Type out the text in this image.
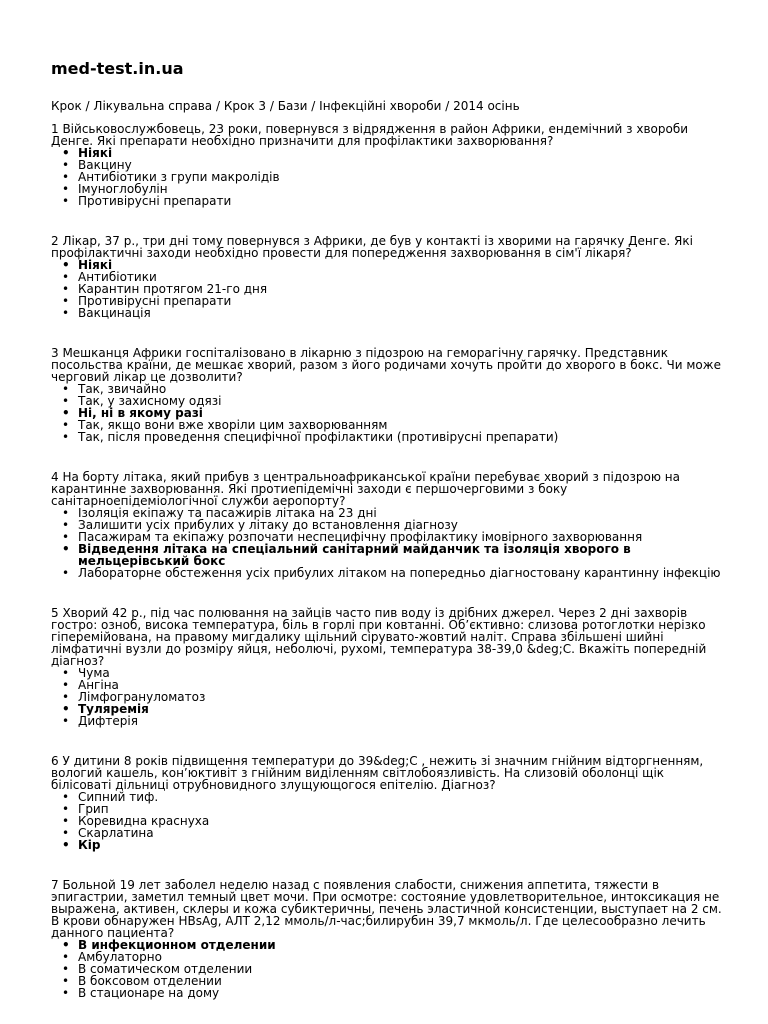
med-test.in.ua
Крок / Лікувальна справа / Крок 3 / Бази / Інфекційні хвороби / 2014 осінь
1 Військовослужбовець, 23 роки, повернувся з відрядження в район Африки, ендемічний з хвороби Денге. Які препарати необхідно призначити для профілактики захворювання?
• Ніякі
• Вакцину
• Антибіотики з групи макролідів
• Імуноглобулін
• Противірусні препарати
2 Лікар, 37 р., три дні тому повернувся з Африки, де був у контакті із хворими на гарячку Денге. Які профілактичні заходи необхідно провести для попередження захворювання в сім'ї лікаря?
• Ніякі
• Антибіотики
• Карантин протягом 21-го дня
• Противірусні препарати
• Вакцинація
3 Мешканця Африки госпіталізовано в лікарню з підозрою на геморагічну гарячку. Представник посольства країни, де мешкає хворий, разом з його родичами хочуть пройти до хворого в бокс. Чи може черговий лікар це дозволити?
• Так, звичайно
• Так, у захисному одязі
• Ні, ні в якому разі
• Так, якщо вони вже хворіли цим захворюванням
• Так, після проведення специфічної профілактики (противірусні препарати)
4 На борту літака, який прибув з центральноафриканської країни перебуває хворий з підозрою на карантинне захворювання. Які протиепідемічні заходи є першочерговими з боку санітарноепідеміологічної служби аеропорту?
• Ізоляція екіпажу та пасажирів літака на 23 дні
• Залишити усіх прибулих у літаку до встановлення діагнозу
• Пасажирам та екіпажу розпочати неспецифічну профілактику імовірного захворювання
• Відведення літака на спеціальний санітарний майданчик та ізоляція хворого в мельцерівський бокс
• Лабораторне обстеження усіх прибулих літаком на попередньо діагностовану карантинну інфекцію
5 Хворий 42 р., під час полювання на зайців часто пив воду із дрібних джерел. Через 2 дні захворів гостро: озноб, висока температура, біль в горлі при ковтанні. Об’єктивно: слизова ротоглотки нерізко гіперемійована, на правому мигдалику щільний сірувато-жовтий наліт. Справа збільшені шийні лімфатичні вузли до розміру яйця, неболючі, рухомі, температура 38-39,0 &deg;C. Вкажіть попередній діагноз?
• Чума
• Ангіна
• Лімфогрануломатоз
• Туляремія
• Дифтерія
6 У дитини 8 років підвищення температури до 39&deg;C , нежить зі значним гнійним відторгненням, вологий кашель, кон’юктивіт з гнійним виділенням світлобоязливість. На слизовій оболонці щік білісоваті дільниці отрубновидного злущующогося епітелію. Діагноз?
• Сипний тиф.
• Грип
• Коревидна краснуха
• Скарлатина
• Кір
7 Больной 19 лет заболел неделю назад с появления слабости, снижения аппетита, тяжести в эпигастрии, заметил темный цвет мочи. При осмотре: состояние удовлетворительное, интоксикация не выражена, активен, склеры и кожа субиктеричны, печень эластичной консистенции, выступает на 2 см. В крови обнаружен HBsAg, АЛТ 2,12 ммоль/л-час;билирубин 39,7 мкмоль/л. Где целесообразно лечить данного пациента?
• В инфекционном отделении
• Амбулаторно
• В соматическом отделении
• В боксовом отделении
• В стационаре на дому
